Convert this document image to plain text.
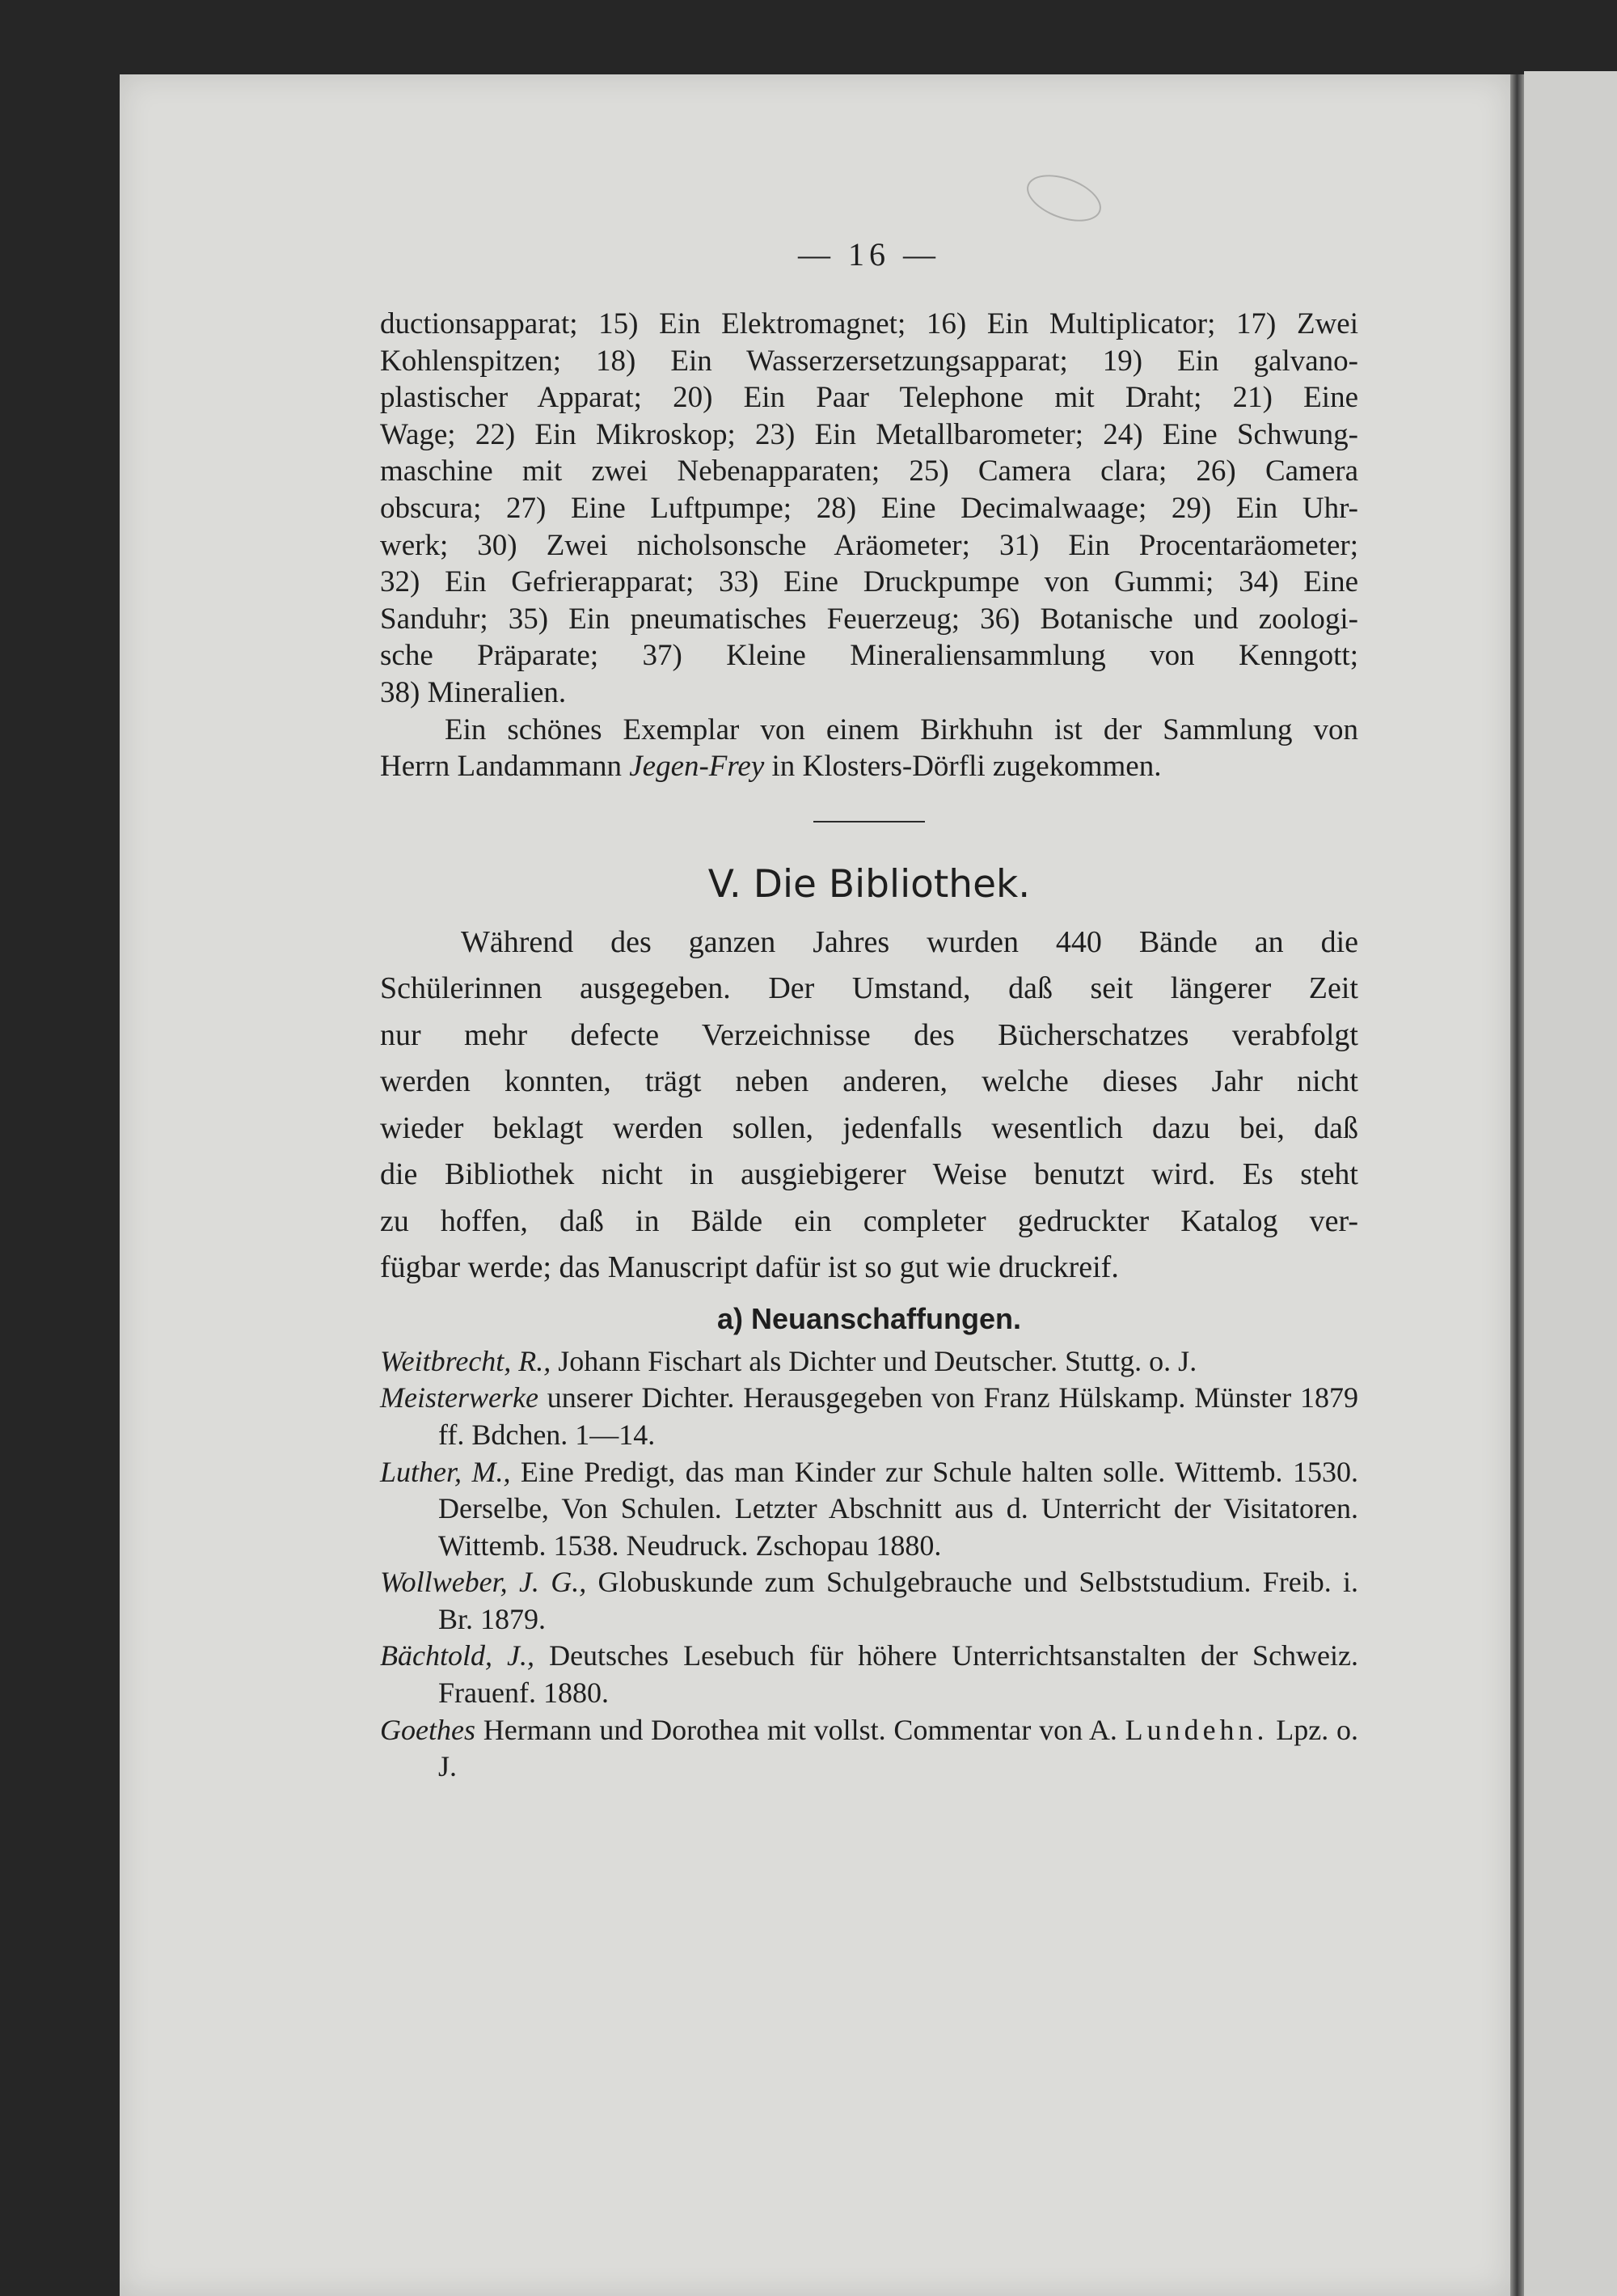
— 16 —

ductionsapparat; 15) Ein Elektromagnet; 16) Ein Multiplicator; 17) Zwei

Kohlenspitzen; 18) Ein Wasserzersetzungsapparat; 19) Ein galvano-

plastischer Apparat; 20) Ein Paar Telephone mit Draht; 21) Eine

Wage; 22) Ein Mikroskop; 23) Ein Metallbarometer; 24) Eine Schwung-

maschine mit zwei Nebenapparaten; 25) Camera clara; 26) Camera

obscura; 27) Eine Luftpumpe; 28) Eine Decimalwaage; 29) Ein Uhr-

werk; 30) Zwei nicholsonsche Aräometer; 31) Ein Procentaräometer;

32) Ein Gefrierapparat; 33) Eine Druckpumpe von Gummi; 34) Eine

Sanduhr; 35) Ein pneumatisches Feuerzeug; 36) Botanische und zoologi-

sche Präparate; 37) Kleine Mineraliensammlung von Kenngott;

38) Mineralien.

Ein schönes Exemplar von einem Birkhuhn ist der Sammlung von

Herrn Landammann Jegen-Frey in Klosters-Dörfli zugekommen.

V. Die Bibliothek.

Während des ganzen Jahres wurden 440 Bände an die

Schülerinnen ausgegeben. Der Umstand, daß seit längerer Zeit

nur mehr defecte Verzeichnisse des Bücherschatzes verabfolgt

werden konnten, trägt neben anderen, welche dieses Jahr nicht

wieder beklagt werden sollen, jedenfalls wesentlich dazu bei, daß

die Bibliothek nicht in ausgiebigerer Weise benutzt wird. Es steht

zu hoffen, daß in Bälde ein completer gedruckter Katalog ver-

fügbar werde; das Manuscript dafür ist so gut wie druckreif.

a) Neuanschaffungen.

Weitbrecht, R., Johann Fischart als Dichter und Deutscher. Stuttg. o. J.

Meisterwerke unserer Dichter. Herausgegeben von Franz Hülskamp. Münster 1879 ff. Bdchen. 1—14.

Luther, M., Eine Predigt, das man Kinder zur Schule halten solle. Wittemb. 1530. Derselbe, Von Schulen. Letzter Abschnitt aus d. Unterricht der Visitatoren. Wittemb. 1538. Neudruck. Zschopau 1880.

Wollweber, J. G., Globuskunde zum Schulgebrauche und Selbststudium. Freib. i. Br. 1879.

Bächtold, J., Deutsches Lesebuch für höhere Unterrichtsanstalten der Schweiz. Frauenf. 1880.

Goethes Hermann und Dorothea mit vollst. Commentar von A. Lundehn. Lpz. o. J.
